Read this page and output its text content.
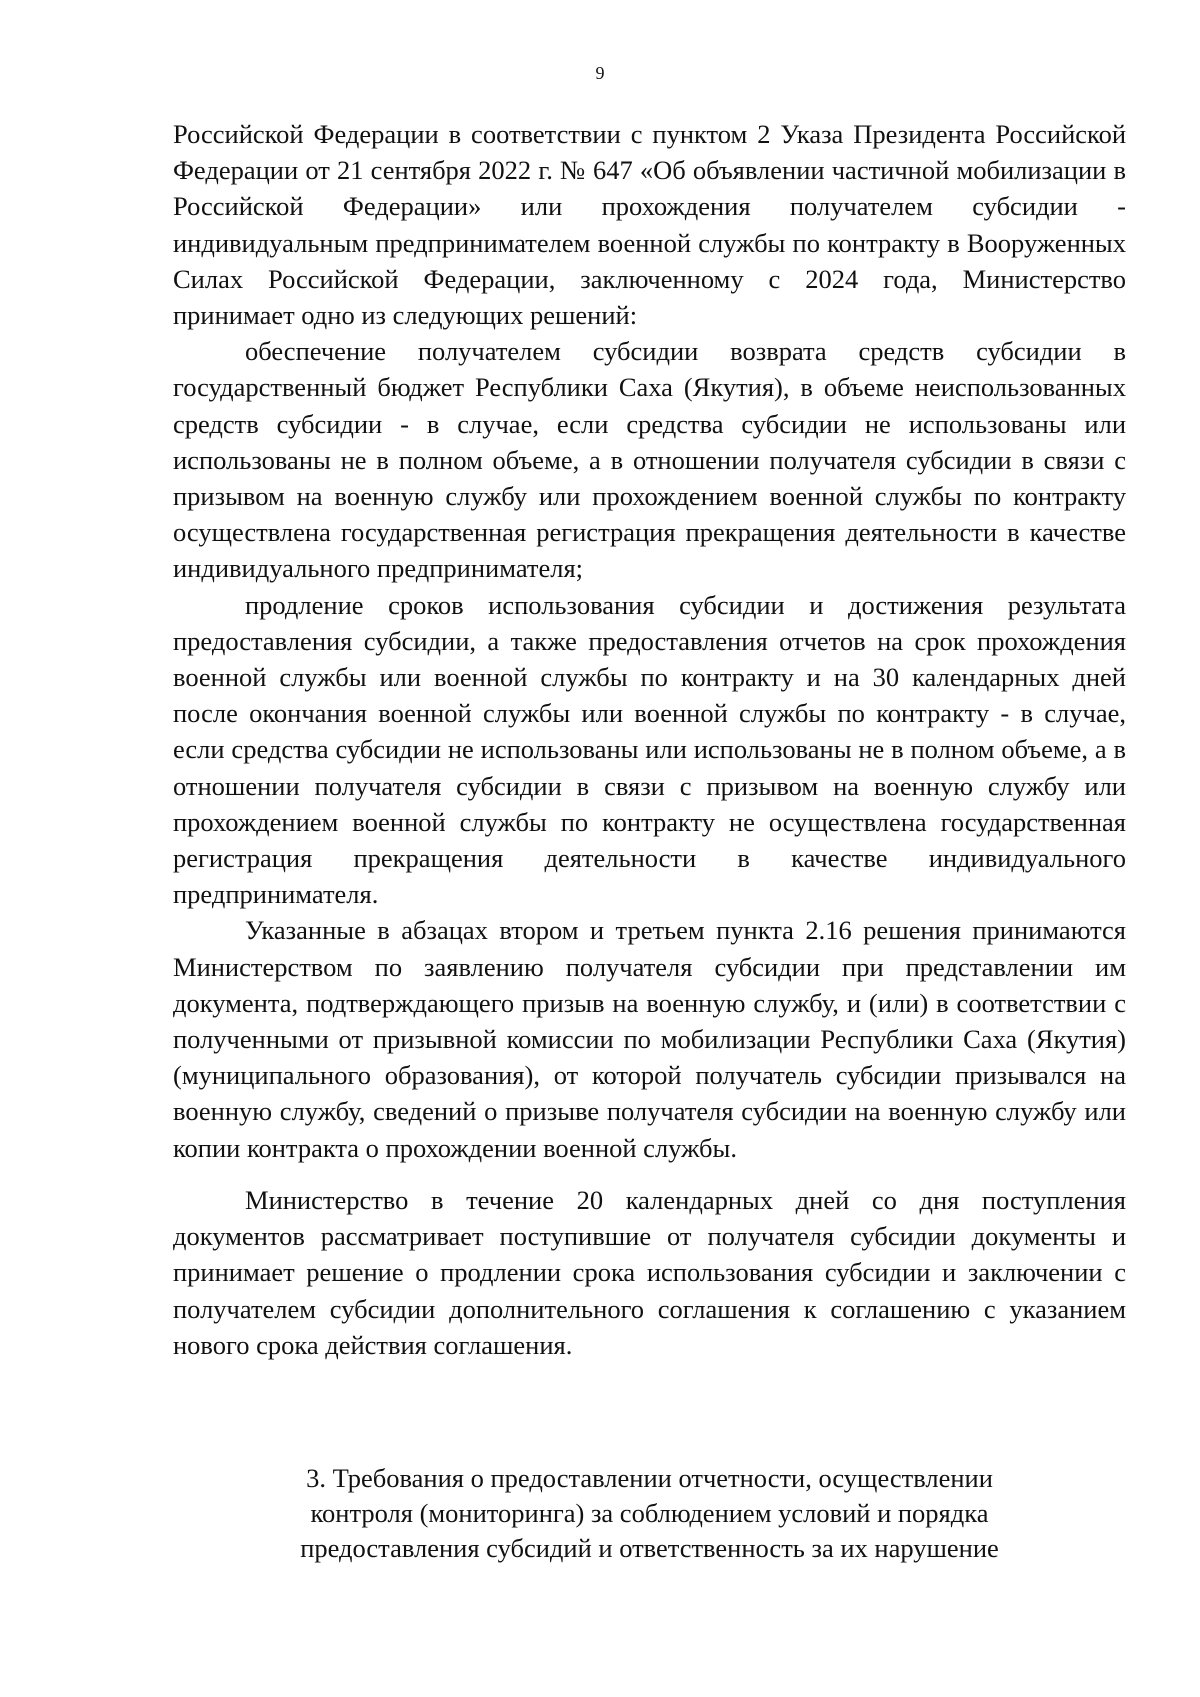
9

Российской Федерации в соответствии с пунктом 2 Указа Президента Российской Федерации от 21 сентября 2022 г. № 647 «Об объявлении частичной мобилизации в Российской Федерации» или прохождения получателем субсидии - индивидуальным предпринимателем военной службы по контракту в Вооруженных Силах Российской Федерации, заключенному с 2024 года, Министерство принимает одно из следующих решений:

обеспечение получателем субсидии возврата средств субсидии в государственный бюджет Республики Саха (Якутия), в объеме неиспользованных средств субсидии - в случае, если средства субсидии не использованы или использованы не в полном объеме, а в отношении получателя субсидии в связи с призывом на военную службу или прохождением военной службы по контракту осуществлена государственная регистрация прекращения деятельности в качестве индивидуального предпринимателя;

продление сроков использования субсидии и достижения результата предоставления субсидии, а также предоставления отчетов на срок прохождения военной службы или военной службы по контракту и на 30 календарных дней после окончания военной службы или военной службы по контракту - в случае, если средства субсидии не использованы или использованы не в полном объеме, а в отношении получателя субсидии в связи с призывом на военную службу или прохождением военной службы по контракту не осуществлена государственная регистрация прекращения деятельности в качестве индивидуального предпринимателя.

Указанные в абзацах втором и третьем пункта 2.16 решения принимаются Министерством по заявлению получателя субсидии при представлении им документа, подтверждающего призыв на военную службу, и (или) в соответствии с полученными от призывной комиссии по мобилизации Республики Саха (Якутия) (муниципального образования), от которой получатель субсидии призывался на военную службу, сведений о призыве получателя субсидии на военную службу или копии контракта о прохождении военной службы.

Министерство в течение 20 календарных дней со дня поступления документов рассматривает поступившие от получателя субсидии документы и принимает решение о продлении срока использования субсидии и заключении с получателем субсидии дополнительного соглашения к соглашению с указанием нового срока действия соглашения.

3. Требования о предоставлении отчетности, осуществлении
контроля (мониторинга) за соблюдением условий и порядка
предоставления субсидий и ответственность за их нарушение
